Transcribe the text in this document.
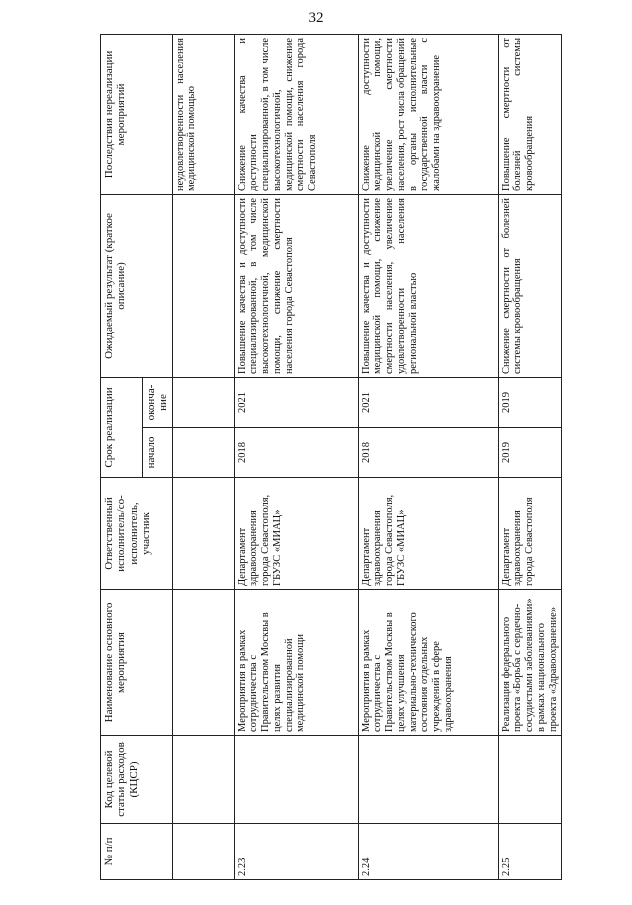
32
№ п/п	Код целевой статьи расходов (КЦСР)	Наименование основного мероприятия	Ответственный исполнитель/со-исполнитель, участник	Срок реализации		Ожидаемый результат (краткое описание)	Последствия нереализации мероприятий
				начало	оконча-ние		
							неудовлетворенности населения медицинской помощью
2.23		Мероприятия в рамках сотрудничества с Правительством Москвы в целях развития специализированной медицинской помощи	Департамент здравоохранения города Севастополя, ГБУЗС «МИАЦ»	2018	2021	Повышение качества и доступности специализированной, в том числе высокотехнологичной, медицинской помощи, снижение смертности населения города Севастополя	Снижение качества и доступности специализированной, в том числе высокотехнологичной, медицинской помощи, снижение смертности населения города Севастополя
2.24		Мероприятия в рамках сотрудничества с Правительством Москвы в целях улучшения материально-технического состояния отдельных учреждений в сфере здравоохранения	Департамент здравоохранения города Севастополя, ГБУЗС «МИАЦ»	2018	2021	Повышение качества и доступности медицинской помощи, снижение смертности населения, увеличение удовлетворенности населения региональной властью	Снижение доступности медицинской помощи, увеличение смертности населения, рост числа обращений в органы исполнительные государственной власти с жалобами на здравоохранение
2.25		Реализация федерального проекта «Борьба с сердечно-сосудистыми заболеваниями» в рамках национального проекта «Здравоохранение»	Департамент здравоохранения города Севастополя	2019	2019	Снижение смертности от болезней системы кровообращения	Повышение смертности от болезней системы кровообращения
